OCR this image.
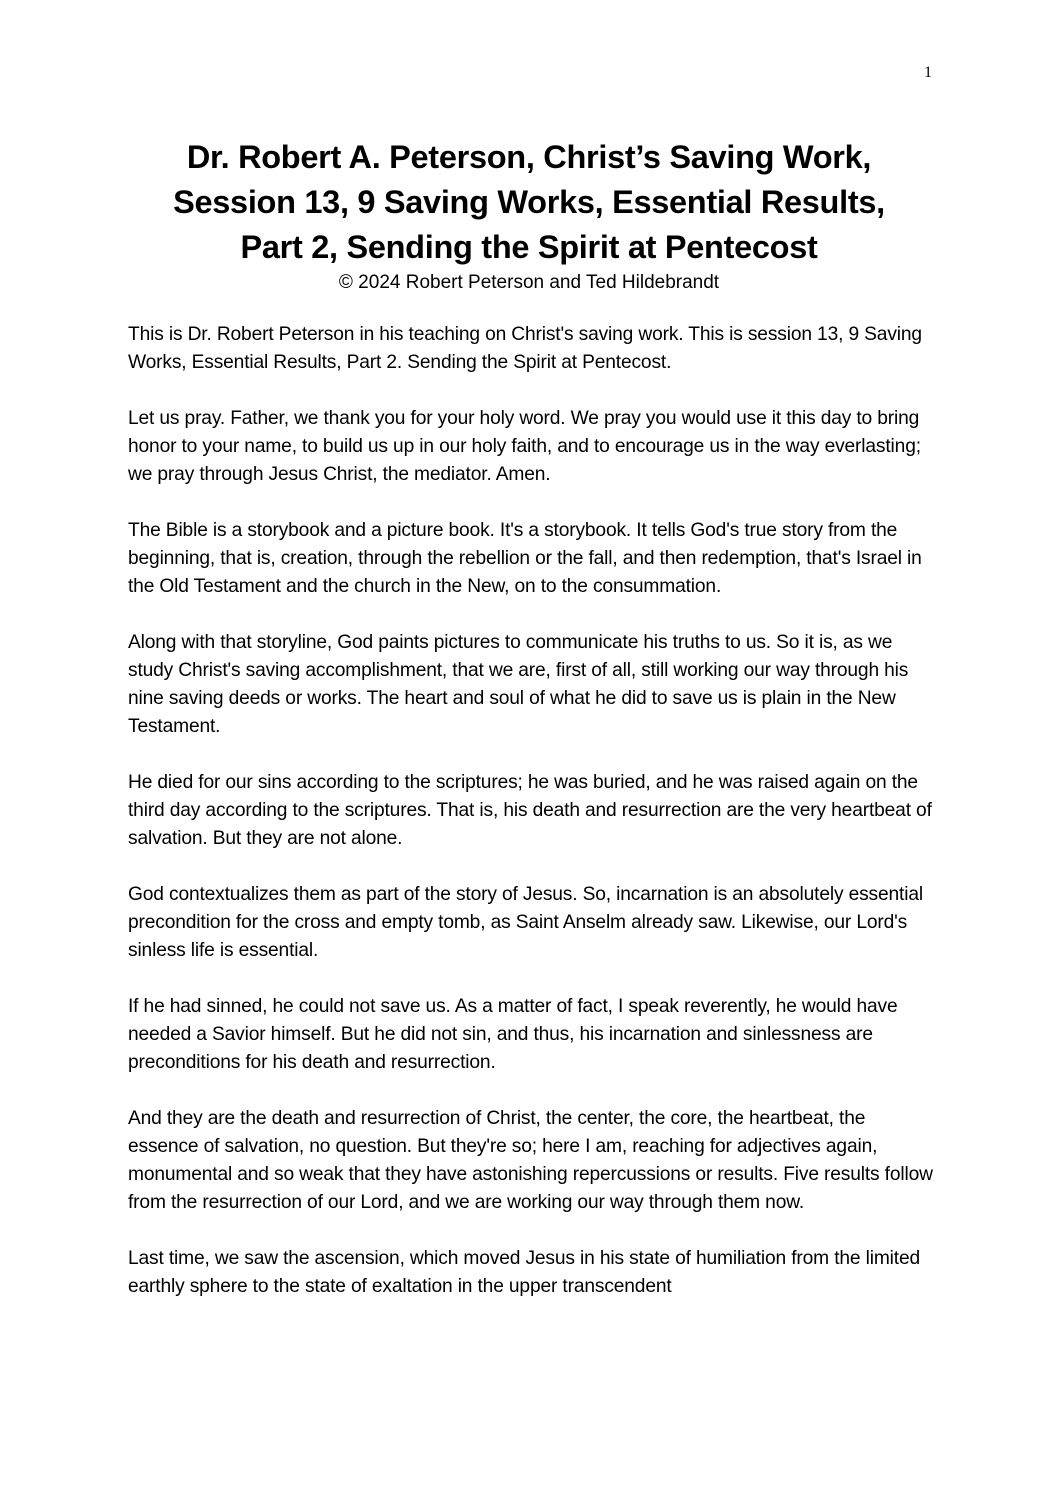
1
Dr. Robert A. Peterson, Christ’s Saving Work,
Session 13, 9 Saving Works, Essential Results,
Part 2, Sending the Spirit at Pentecost
© 2024 Robert Peterson and Ted Hildebrandt

This is Dr. Robert Peterson in his teaching on Christ's saving work. This is session 13, 9 Saving Works, Essential Results, Part 2. Sending the Spirit at Pentecost.

Let us pray. Father, we thank you for your holy word. We pray you would use it this day to bring honor to your name, to build us up in our holy faith, and to encourage us in the way everlasting; we pray through Jesus Christ, the mediator. Amen.

The Bible is a storybook and a picture book. It's a storybook. It tells God's true story from the beginning, that is, creation, through the rebellion or the fall, and then redemption, that's Israel in the Old Testament and the church in the New, on to the consummation.

Along with that storyline, God paints pictures to communicate his truths to us. So it is, as we study Christ's saving accomplishment, that we are, first of all, still working our way through his nine saving deeds or works. The heart and soul of what he did to save us is plain in the New Testament.

He died for our sins according to the scriptures; he was buried, and he was raised again on the third day according to the scriptures. That is, his death and resurrection are the very heartbeat of salvation. But they are not alone.

God contextualizes them as part of the story of Jesus. So, incarnation is an absolutely essential precondition for the cross and empty tomb, as Saint Anselm already saw. Likewise, our Lord's sinless life is essential.

If he had sinned, he could not save us. As a matter of fact, I speak reverently, he would have needed a Savior himself. But he did not sin, and thus, his incarnation and sinlessness are preconditions for his death and resurrection.

And they are the death and resurrection of Christ, the center, the core, the heartbeat, the essence of salvation, no question. But they're so; here I am, reaching for adjectives again, monumental and so weak that they have astonishing repercussions or results. Five results follow from the resurrection of our Lord, and we are working our way through them now.

Last time, we saw the ascension, which moved Jesus in his state of humiliation from the limited earthly sphere to the state of exaltation in the upper transcendent
